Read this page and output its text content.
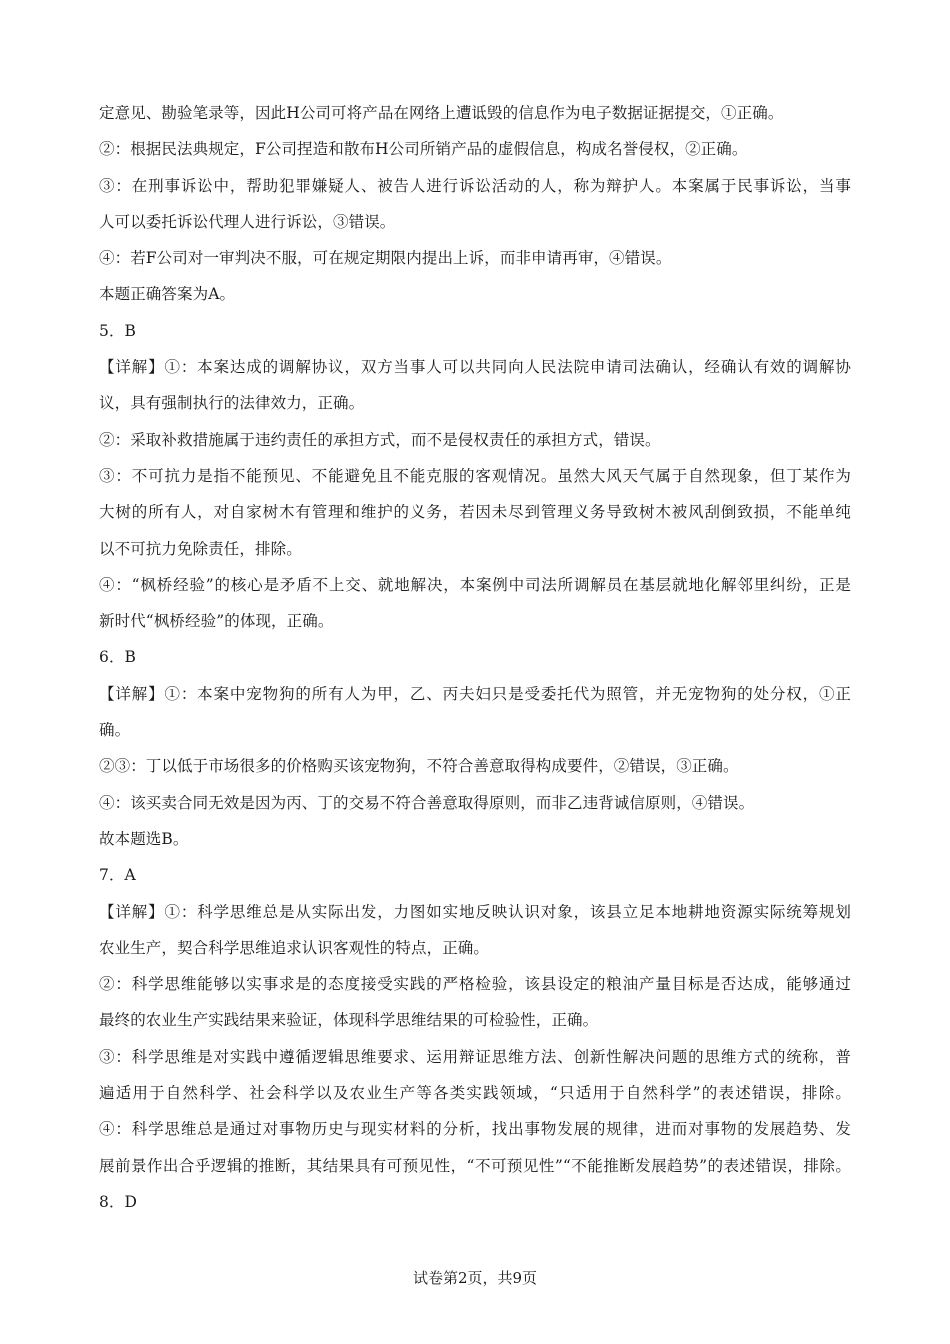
定意见、勘验笔录等，因此H公司可将产品在网络上遭诋毁的信息作为电子数据证据提交，①正确。
②：根据民法典规定，F公司捏造和散布H公司所销产品的虚假信息，构成名誉侵权，②正确。
③：在刑事诉讼中，帮助犯罪嫌疑人、被告人进行诉讼活动的人，称为辩护人。本案属于民事诉讼，当事
人可以委托诉讼代理人进行诉讼，③错误。
④：若F公司对一审判决不服，可在规定期限内提出上诉，而非申请再审，④错误。
本题正确答案为A。
5．B
【详解】①：本案达成的调解协议，双方当事人可以共同向人民法院申请司法确认，经确认有效的调解协
议，具有强制执行的法律效力，正确。
②：采取补救措施属于违约责任的承担方式，而不是侵权责任的承担方式，错误。
③：不可抗力是指不能预见、不能避免且不能克服的客观情况。虽然大风天气属于自然现象，但丁某作为
大树的所有人，对自家树木有管理和维护的义务，若因未尽到管理义务导致树木被风刮倒致损，不能单纯
以不可抗力免除责任，排除。
④：“枫桥经验”的核心是矛盾不上交、就地解决，本案例中司法所调解员在基层就地化解邻里纠纷，正是
新时代“枫桥经验”的体现，正确。
6．B
【详解】①：本案中宠物狗的所有人为甲，乙、丙夫妇只是受委托代为照管，并无宠物狗的处分权，①正
确。
②③：丁以低于市场很多的价格购买该宠物狗，不符合善意取得构成要件，②错误，③正确。
④：该买卖合同无效是因为丙、丁的交易不符合善意取得原则，而非乙违背诚信原则，④错误。
故本题选B。
7．A
【详解】①：科学思维总是从实际出发，力图如实地反映认识对象，该县立足本地耕地资源实际统筹规划
农业生产，契合科学思维追求认识客观性的特点，正确。
②：科学思维能够以实事求是的态度接受实践的严格检验，该县设定的粮油产量目标是否达成，能够通过
最终的农业生产实践结果来验证，体现科学思维结果的可检验性，正确。
③：科学思维是对实践中遵循逻辑思维要求、运用辩证思维方法、创新性解决问题的思维方式的统称，普
遍适用于自然科学、社会科学以及农业生产等各类实践领域，“只适用于自然科学”的表述错误，排除。
④：科学思维总是通过对事物历史与现实材料的分析，找出事物发展的规律，进而对事物的发展趋势、发
展前景作出合乎逻辑的推断，其结果具有可预见性，“不可预见性”“不能推断发展趋势”的表述错误，排除。
8．D
试卷第2页，共9页
